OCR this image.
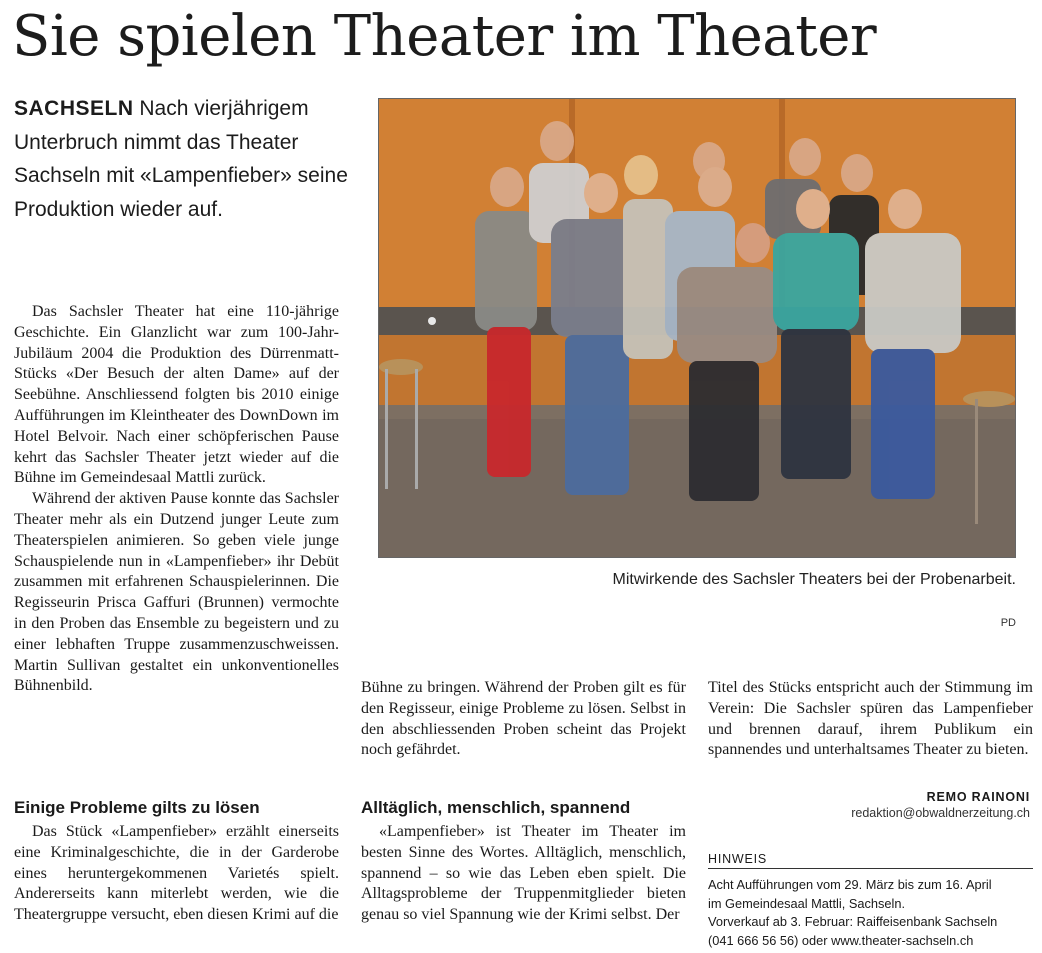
Sie spielen Theater im Theater
SACHSELN Nach vierjährigem Unterbruch nimmt das Theater Sachseln mit «Lampenfieber» seine Produktion wieder auf.
Mitwirkende des Sachsler Theaters bei der Probenarbeit.
PD

Das Sachsler Theater hat eine 110-jährige Geschichte. Ein Glanzlicht war zum 100-Jahr-Jubiläum 2004 die Produktion des Dürrenmatt-Stücks «Der Besuch der alten Dame» auf der Seebühne. Anschliessend folgten bis 2010 einige Aufführungen im Kleintheater des DownDown im Hotel Belvoir. Nach einer schöpferischen Pause kehrt das Sachsler Theater jetzt wieder auf die Bühne im Gemeindesaal Mattli zurück.

Während der aktiven Pause konnte das Sachsler Theater mehr als ein Dutzend junger Leute zum Theaterspielen animieren. So geben viele junge Schauspielende nun in «Lampenfieber» ihr Debüt zusammen mit erfahrenen Schauspielerinnen. Die Regisseurin Prisca Gaffuri (Brunnen) vermochte in den Proben das Ensemble zu begeistern und zu einer lebhaften Truppe zusammenzuschweissen. Martin Sullivan gestaltet ein unkonventionelles Bühnenbild.

Einige Probleme gilts zu lösen

Das Stück «Lampenfieber» erzählt einerseits eine Kriminalgeschichte, die in der Garderobe eines heruntergekommenen Varietés spielt. Andererseits kann miterlebt werden, wie die Theatergruppe versucht, eben diesen Krimi auf die

Bühne zu bringen. Während der Proben gilt es für den Regisseur, einige Probleme zu lösen. Selbst in den abschliessenden Proben scheint das Projekt noch gefährdet.

Alltäglich, menschlich, spannend

«Lampenfieber» ist Theater im Theater im besten Sinne des Wortes. Alltäglich, menschlich, spannend – so wie das Leben eben spielt. Die Alltagsprobleme der Truppenmitglieder bieten genau so viel Spannung wie der Krimi selbst. Der

Titel des Stücks entspricht auch der Stimmung im Verein: Die Sachsler spüren das Lampenfieber und brennen darauf, ihrem Publikum ein spannendes und unterhaltsames Theater zu bieten.

REMO RAINONI
redaktion@obwaldnerzeitung.ch
HINWEIS
Acht Aufführungen vom 29. März bis zum 16. April
im Gemeindesaal Mattli, Sachseln.
Vorverkauf ab 3. Februar: Raiffeisenbank Sachseln
(041 666 56 56) oder www.theater-sachseln.ch
